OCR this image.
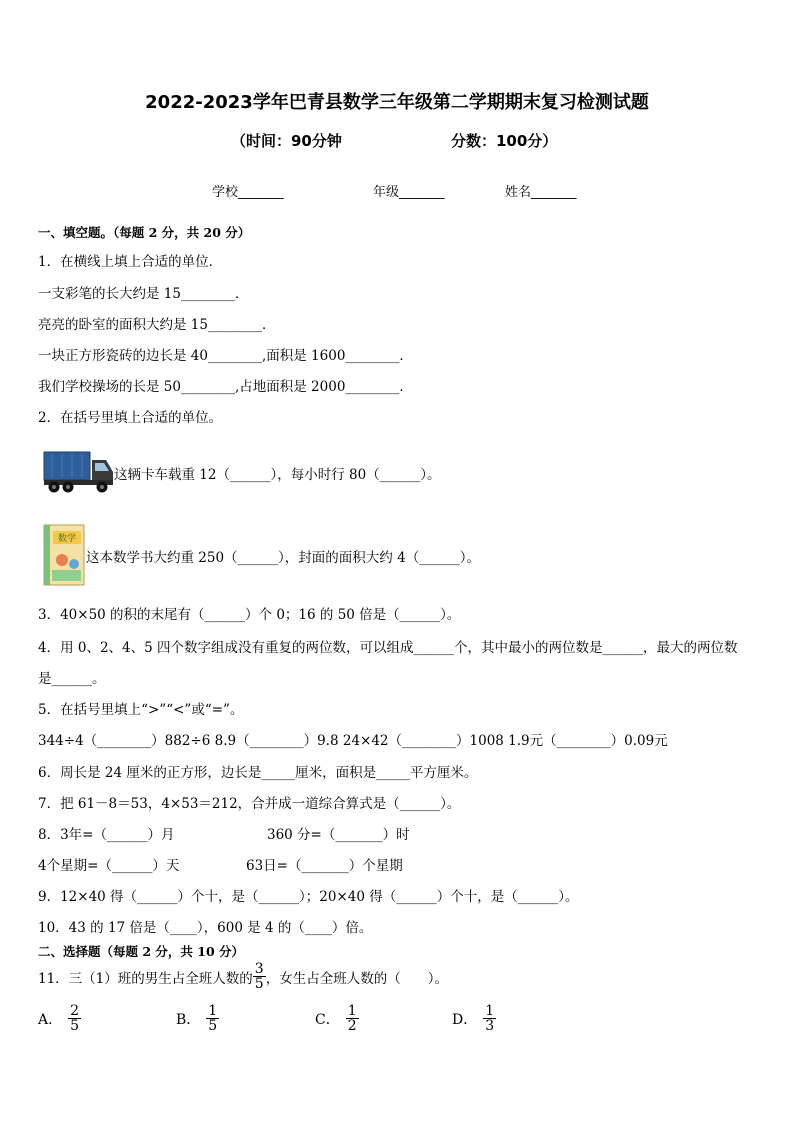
2022-2023学年巴青县数学三年级第二学期期末复习检测试题
（时间：90分钟	分数：100分）
学校_______	年级_______	姓名_______
一、填空题。（每题 2 分，共 20 分）
1．在横线上填上合适的单位．
一支彩笔的长大约是 15________．
亮亮的卧室的面积大约是 15________．
一块正方形瓷砖的边长是 40________,面积是 1600________．
我们学校操场的长是 50________,占地面积是 2000________．
2．在括号里填上合适的单位。
这辆卡车载重 12（______），每小时行 80（______）。
数学
这本数学书大约重 250（______），封面的面积大约 4（______）。
3．40×50 的积的末尾有（______）个 0；16 的 50 倍是（______）。
4．用 0、2、4、5 四个数字组成没有重复的两位数，可以组成______个，其中最小的两位数是______，最大的两位数
是______。
5．在括号里填上“>”“<”或“=”。
344÷4（________）882÷6 8.9（________）9.8 24×42（________）1008 1.9元（________）0.09元
6．周长是 24 厘米的正方形，边长是_____厘米，面积是_____平方厘米。
7．把 61－8＝53，4×53＝212，合并成一道综合算式是（______）。
8．3年=（______）月	360 分=（_______）时
4个星期=（______）天	63日=（_______）个星期
9．12×40 得（______）个十，是（______）；20×40 得（______）个十，是（______）。
10．43 的 17 倍是（____），600 是 4 的（____）倍。
二、选择题（每题 2 分，共 10 分）
11．三（1）班的男生占全班人数的 $\frac{3}{5}$ ，女生占全班人数的（　　）。
A． $\frac{2}{5}$	B． $\frac{1}{5}$	C． $\frac{1}{2}$	D． $\frac{1}{3}$
